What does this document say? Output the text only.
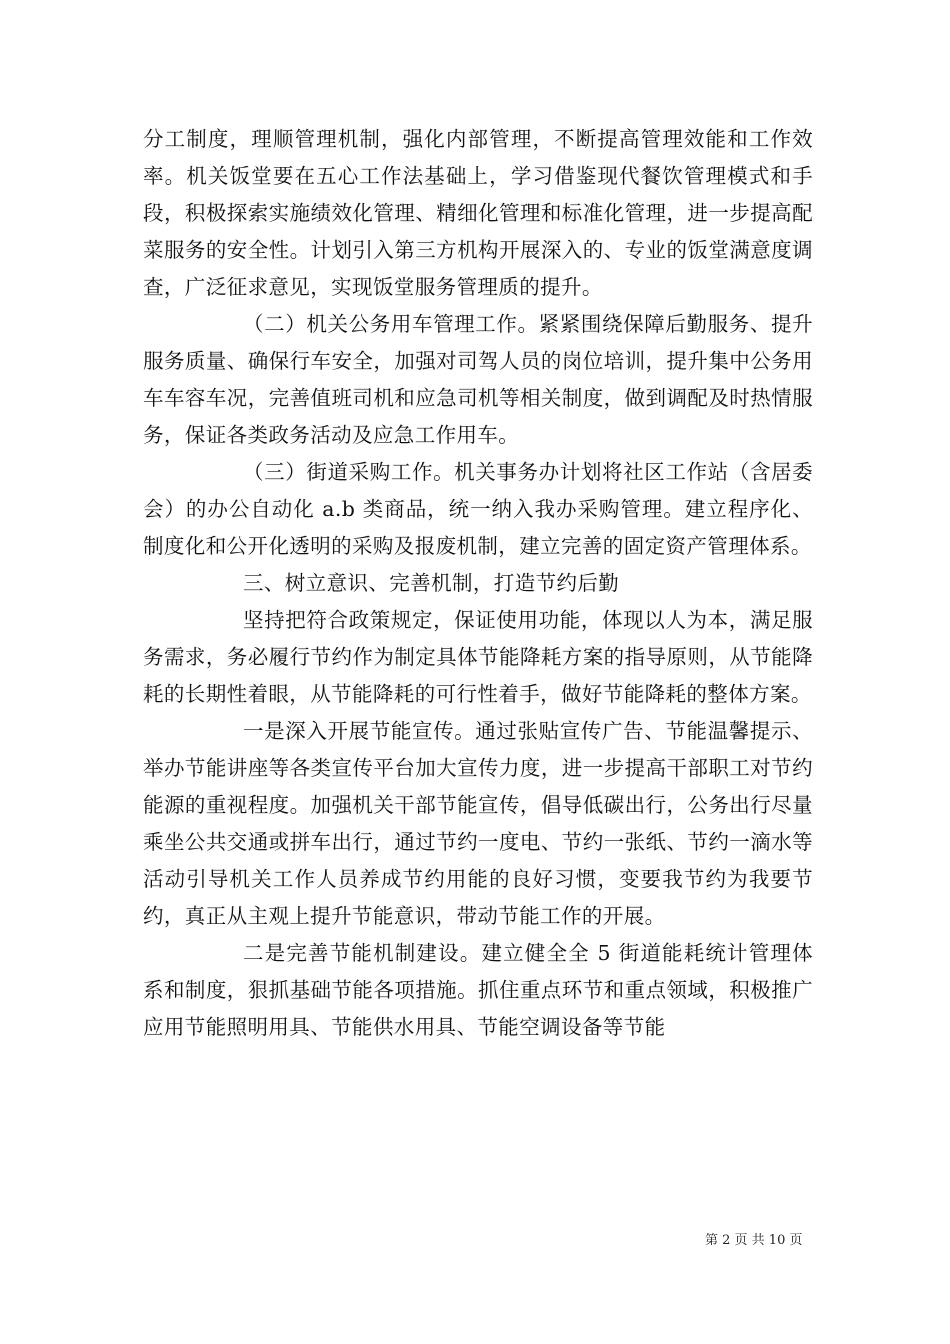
分工制度，理顺管理机制，强化内部管理，不断提高管理效能和工作效率。机关饭堂要在五心工作法基础上，学习借鉴现代餐饮管理模式和手段，积极探索实施绩效化管理、精细化管理和标准化管理，进一步提高配菜服务的安全性。计划引入第三方机构开展深入的、专业的饭堂满意度调查，广泛征求意见，实现饭堂服务管理质的提升。

（二）机关公务用车管理工作。紧紧围绕保障后勤服务、提升服务质量、确保行车安全，加强对司驾人员的岗位培训，提升集中公务用车车容车况，完善值班司机和应急司机等相关制度，做到调配及时热情服务，保证各类政务活动及应急工作用车。

（三）街道采购工作。机关事务办计划将社区工作站（含居委会）的办公自动化 a.b 类商品，统一纳入我办采购管理。建立程序化、制度化和公开化透明的采购及报废机制，建立完善的固定资产管理体系。

三、树立意识、完善机制，打造节约后勤

坚持把符合政策规定，保证使用功能，体现以人为本，满足服务需求，务必履行节约作为制定具体节能降耗方案的指导原则，从节能降耗的长期性着眼，从节能降耗的可行性着手，做好节能降耗的整体方案。

一是深入开展节能宣传。通过张贴宣传广告、节能温馨提示、举办节能讲座等各类宣传平台加大宣传力度，进一步提高干部职工对节约能源的重视程度。加强机关干部节能宣传，倡导低碳出行，公务出行尽量乘坐公共交通或拼车出行，通过节约一度电、节约一张纸、节约一滴水等活动引导机关工作人员养成节约用能的良好习惯，变要我节约为我要节约，真正从主观上提升节能意识，带动节能工作的开展。

二是完善节能机制建设。建立健全全 5 街道能耗统计管理体系和制度，狠抓基础节能各项措施。抓住重点环节和重点领域，积极推广应用节能照明用具、节能供水用具、节能空调设备等节能

第 2 页 共 10 页
